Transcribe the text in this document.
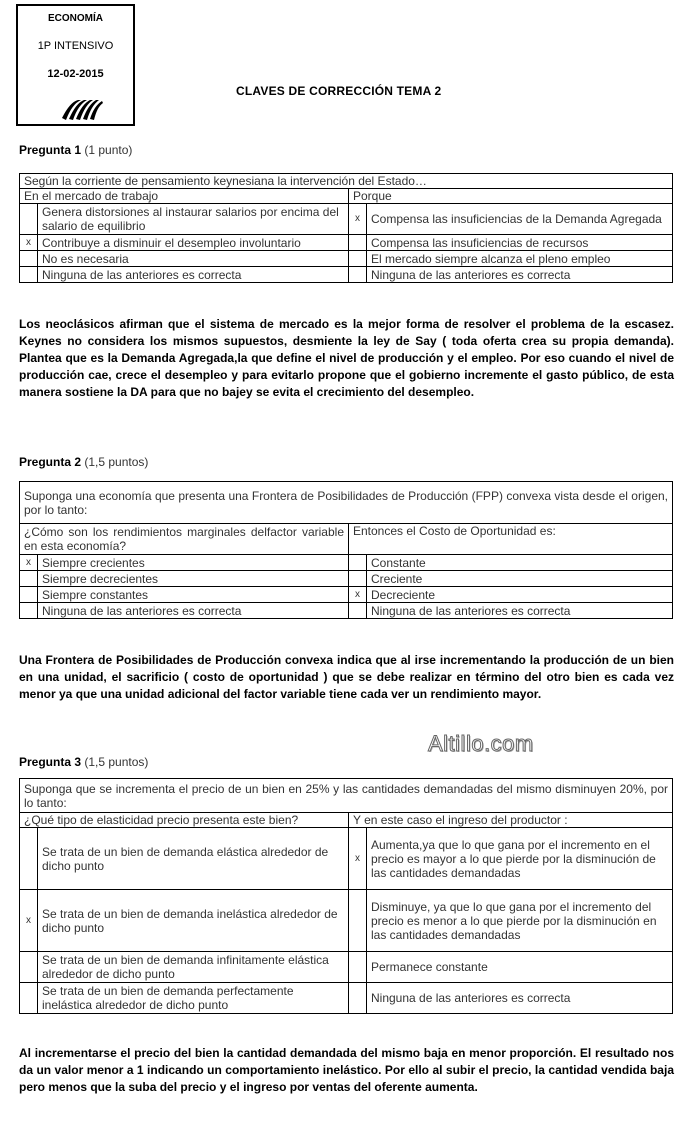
ECONOMÍA
1P INTENSIVO
12-02-2015
CLAVES DE CORRECCIÓN TEMA 2
Pregunta 1 (1 punto)
Según la corriente de pensamiento keynesiana la intervención del Estado…			
En el mercado de trabajo		Porque	
	Genera distorsiones al instaurar salarios por encima del salario de equilibrio	x	Compensa las insuficiencias de la Demanda Agregada
x	Contribuye a disminuir el desempleo involuntario		Compensa las insuficiencias de recursos
	No es necesaria		El mercado siempre alcanza el pleno empleo
	Ninguna de las anteriores es correcta		Ninguna de las anteriores es correcta
Los neoclásicos afirman que el sistema de mercado es la mejor forma de resolver el problema de la escasez. Keynes no considera los mismos supuestos, desmiente la ley de Say ( toda oferta crea su propia demanda). Plantea que es la Demanda Agregada,la que define el nivel de producción y el empleo. Por eso cuando el nivel de producción cae, crece el desempleo y para evitarlo propone que el gobierno incremente el gasto público, de esta manera sostiene la DA para que no bajey se evita el crecimiento del desempleo.
Pregunta 2 (1,5 puntos)
Suponga una economía que presenta una Frontera de Posibilidades de Producción (FPP) convexa vista desde el origen, por lo tanto:			
¿Cómo son los rendimientos marginales delfactor variable en esta economía?		Entonces el Costo de Oportunidad es:	
x	Siempre crecientes		Constante
	Siempre decrecientes		Creciente
	Siempre constantes	x	Decreciente
	Ninguna de las anteriores es correcta		Ninguna de las anteriores es correcta
Una Frontera de Posibilidades de Producción convexa indica que al irse incrementando la producción de un bien en una unidad, el sacrificio ( costo de oportunidad ) que se debe realizar en término del otro bien es cada vez menor ya que una unidad adicional del factor variable tiene cada ver un rendimiento mayor.
Altillo.com
Pregunta 3 (1,5 puntos)
Suponga que se incrementa el precio de un bien en 25% y las cantidades demandadas del mismo disminuyen 20%, por lo tanto:			
¿Qué tipo de elasticidad precio presenta este bien?		Y en este caso el ingreso del productor :	
	Se trata de un bien de demanda elástica alrededor de dicho punto	x	Aumenta,ya que lo que gana por el incremento en el precio es mayor a lo que pierde por la disminución de las cantidades demandadas
x	Se trata de un bien de demanda inelástica alrededor de dicho punto		Disminuye, ya que lo que gana por el incremento del precio es menor a lo que pierde por la disminución en las cantidades demandadas
	Se trata de un bien de demanda infinitamente elástica alrededor de dicho punto		Permanece constante
	Se trata de un bien de demanda perfectamente inelástica alrededor de dicho punto		Ninguna de las anteriores es correcta
Al incrementarse el precio del bien la cantidad demandada del mismo baja en menor proporción. El resultado nos da un valor menor a 1 indicando un comportamiento inelástico. Por ello al subir el precio, la cantidad vendida baja pero menos que la suba del precio y el ingreso por ventas del oferente aumenta.
